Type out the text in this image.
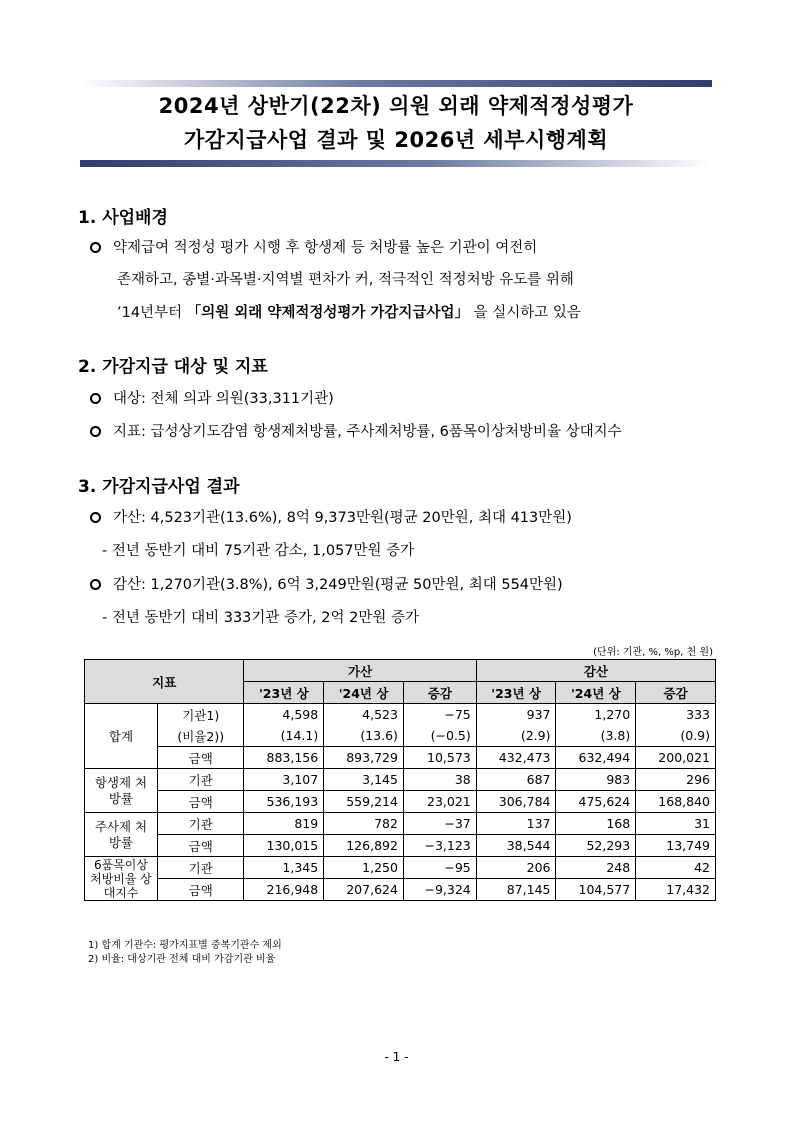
2024년 상반기(22차) 의원 외래 약제적정성평가
가감지급사업 결과 및 2026년 세부시행계획
1. 사업배경
약제급여 적정성 평가 시행 후 항생제 등 처방률 높은 기관이 여전히
존재하고, 종별·과목별·지역별 편차가 커, 적극적인 적정처방 유도를 위해
’14년부터 「의원 외래 약제적정성평가 가감지급사업」 을 실시하고 있음
2. 가감지급 대상 및 지표
대상: 전체 의과 의원(33,311기관)
지표: 급성상기도감염 항생제처방률, 주사제처방률, 6품목이상처방비율 상대지수
3. 가감지급사업 결과
가산: 4,523기관(13.6%), 8억 9,373만원(평균 20만원, 최대 413만원)
- 전년 동반기 대비 75기관 감소, 1,057만원 증가
감산: 1,270기관(3.8%), 6억 3,249만원(평균 50만원, 최대 554만원)
- 전년 동반기 대비 333기관 증가, 2억 2만원 증가
(단위: 기관, %, %p, 천 원)
지표		가산			감산		
		'23년 상	'24년 상	증감	'23년 상	'24년 상	증감
합계	기관1)	4,598	4,523	−75	937	1,270	333
	(비율2))	(14.1)	(13.6)	(−0.5)	(2.9)	(3.8)	(0.9)
	금액	883,156	893,729	10,573	432,473	632,494	200,021
항생제 처방률	기관	3,107	3,145	38	687	983	296
	금액	536,193	559,214	23,021	306,784	475,624	168,840
주사제 처방률	기관	819	782	−37	137	168	31
	금액	130,015	126,892	−3,123	38,544	52,293	13,749
6품목이상 처방비율 상대지수	기관	1,345	1,250	−95	206	248	42
	금액	216,948	207,624	−9,324	87,145	104,577	17,432
1) 합계 기관수: 평가지표별 중복기관수 제외
2) 비율: 대상기관 전체 대비 가감기관 비율
- 1 -
